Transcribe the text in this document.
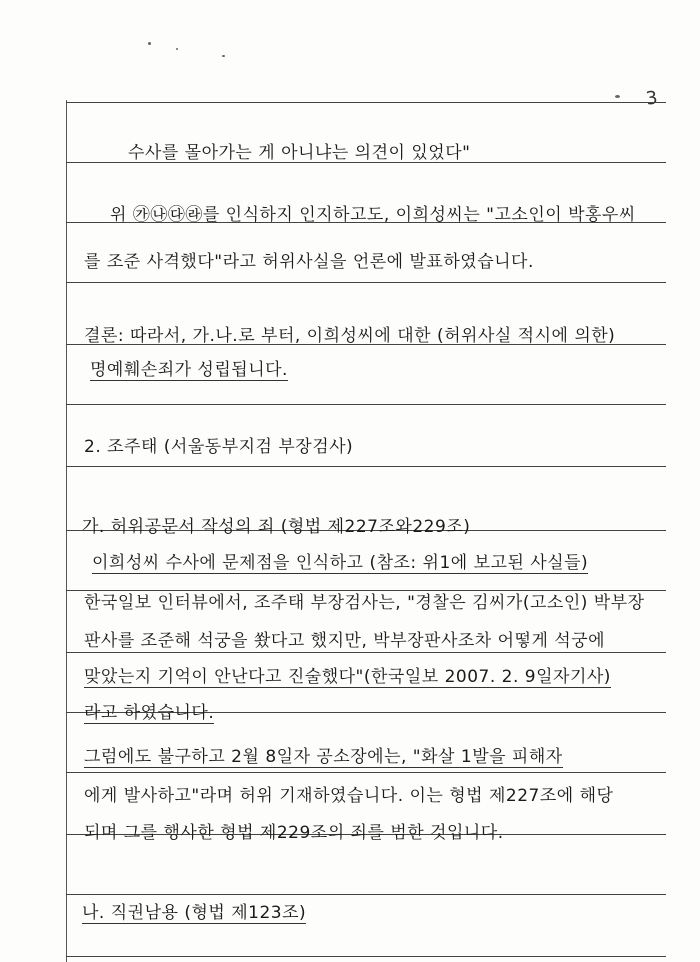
3
수사를 몰아가는 게 아니냐는 의견이 있었다"
위 ㉮㉯㉰㉱를 인식하지 인지하고도, 이희성씨는 "고소인이 박홍우씨
를 조준 사격했다"라고 허위사실을 언론에 발표하였습니다.
결론: 따라서, 가.나.로 부터, 이희성씨에 대한 (허위사실 적시에 의한)
명예훼손죄가 성립됩니다.
2. 조주태 (서울동부지검 부장검사)
가. 허위공문서 작성의 죄 (형법 제227조와229조)
이희성씨 수사에 문제점을 인식하고 (참조: 위1에 보고된 사실들)
한국일보 인터뷰에서, 조주태 부장검사는, "경찰은 김씨가(고소인) 박부장
판사를 조준해 석궁을 쐈다고 했지만, 박부장판사조차 어떻게 석궁에
맞았는지 기억이 안난다고 진술했다"(한국일보 2007. 2. 9일자기사)
라고 하였습니다.
그럼에도 불구하고 2월 8일자 공소장에는, "화살 1발을 피해자
에게 발사하고"라며 허위 기재하였습니다. 이는 형법 제227조에 해당
되며 그를 행사한 형법 제229조의 죄를 범한 것입니다.
나. 직권남용 (형법 제123조)
